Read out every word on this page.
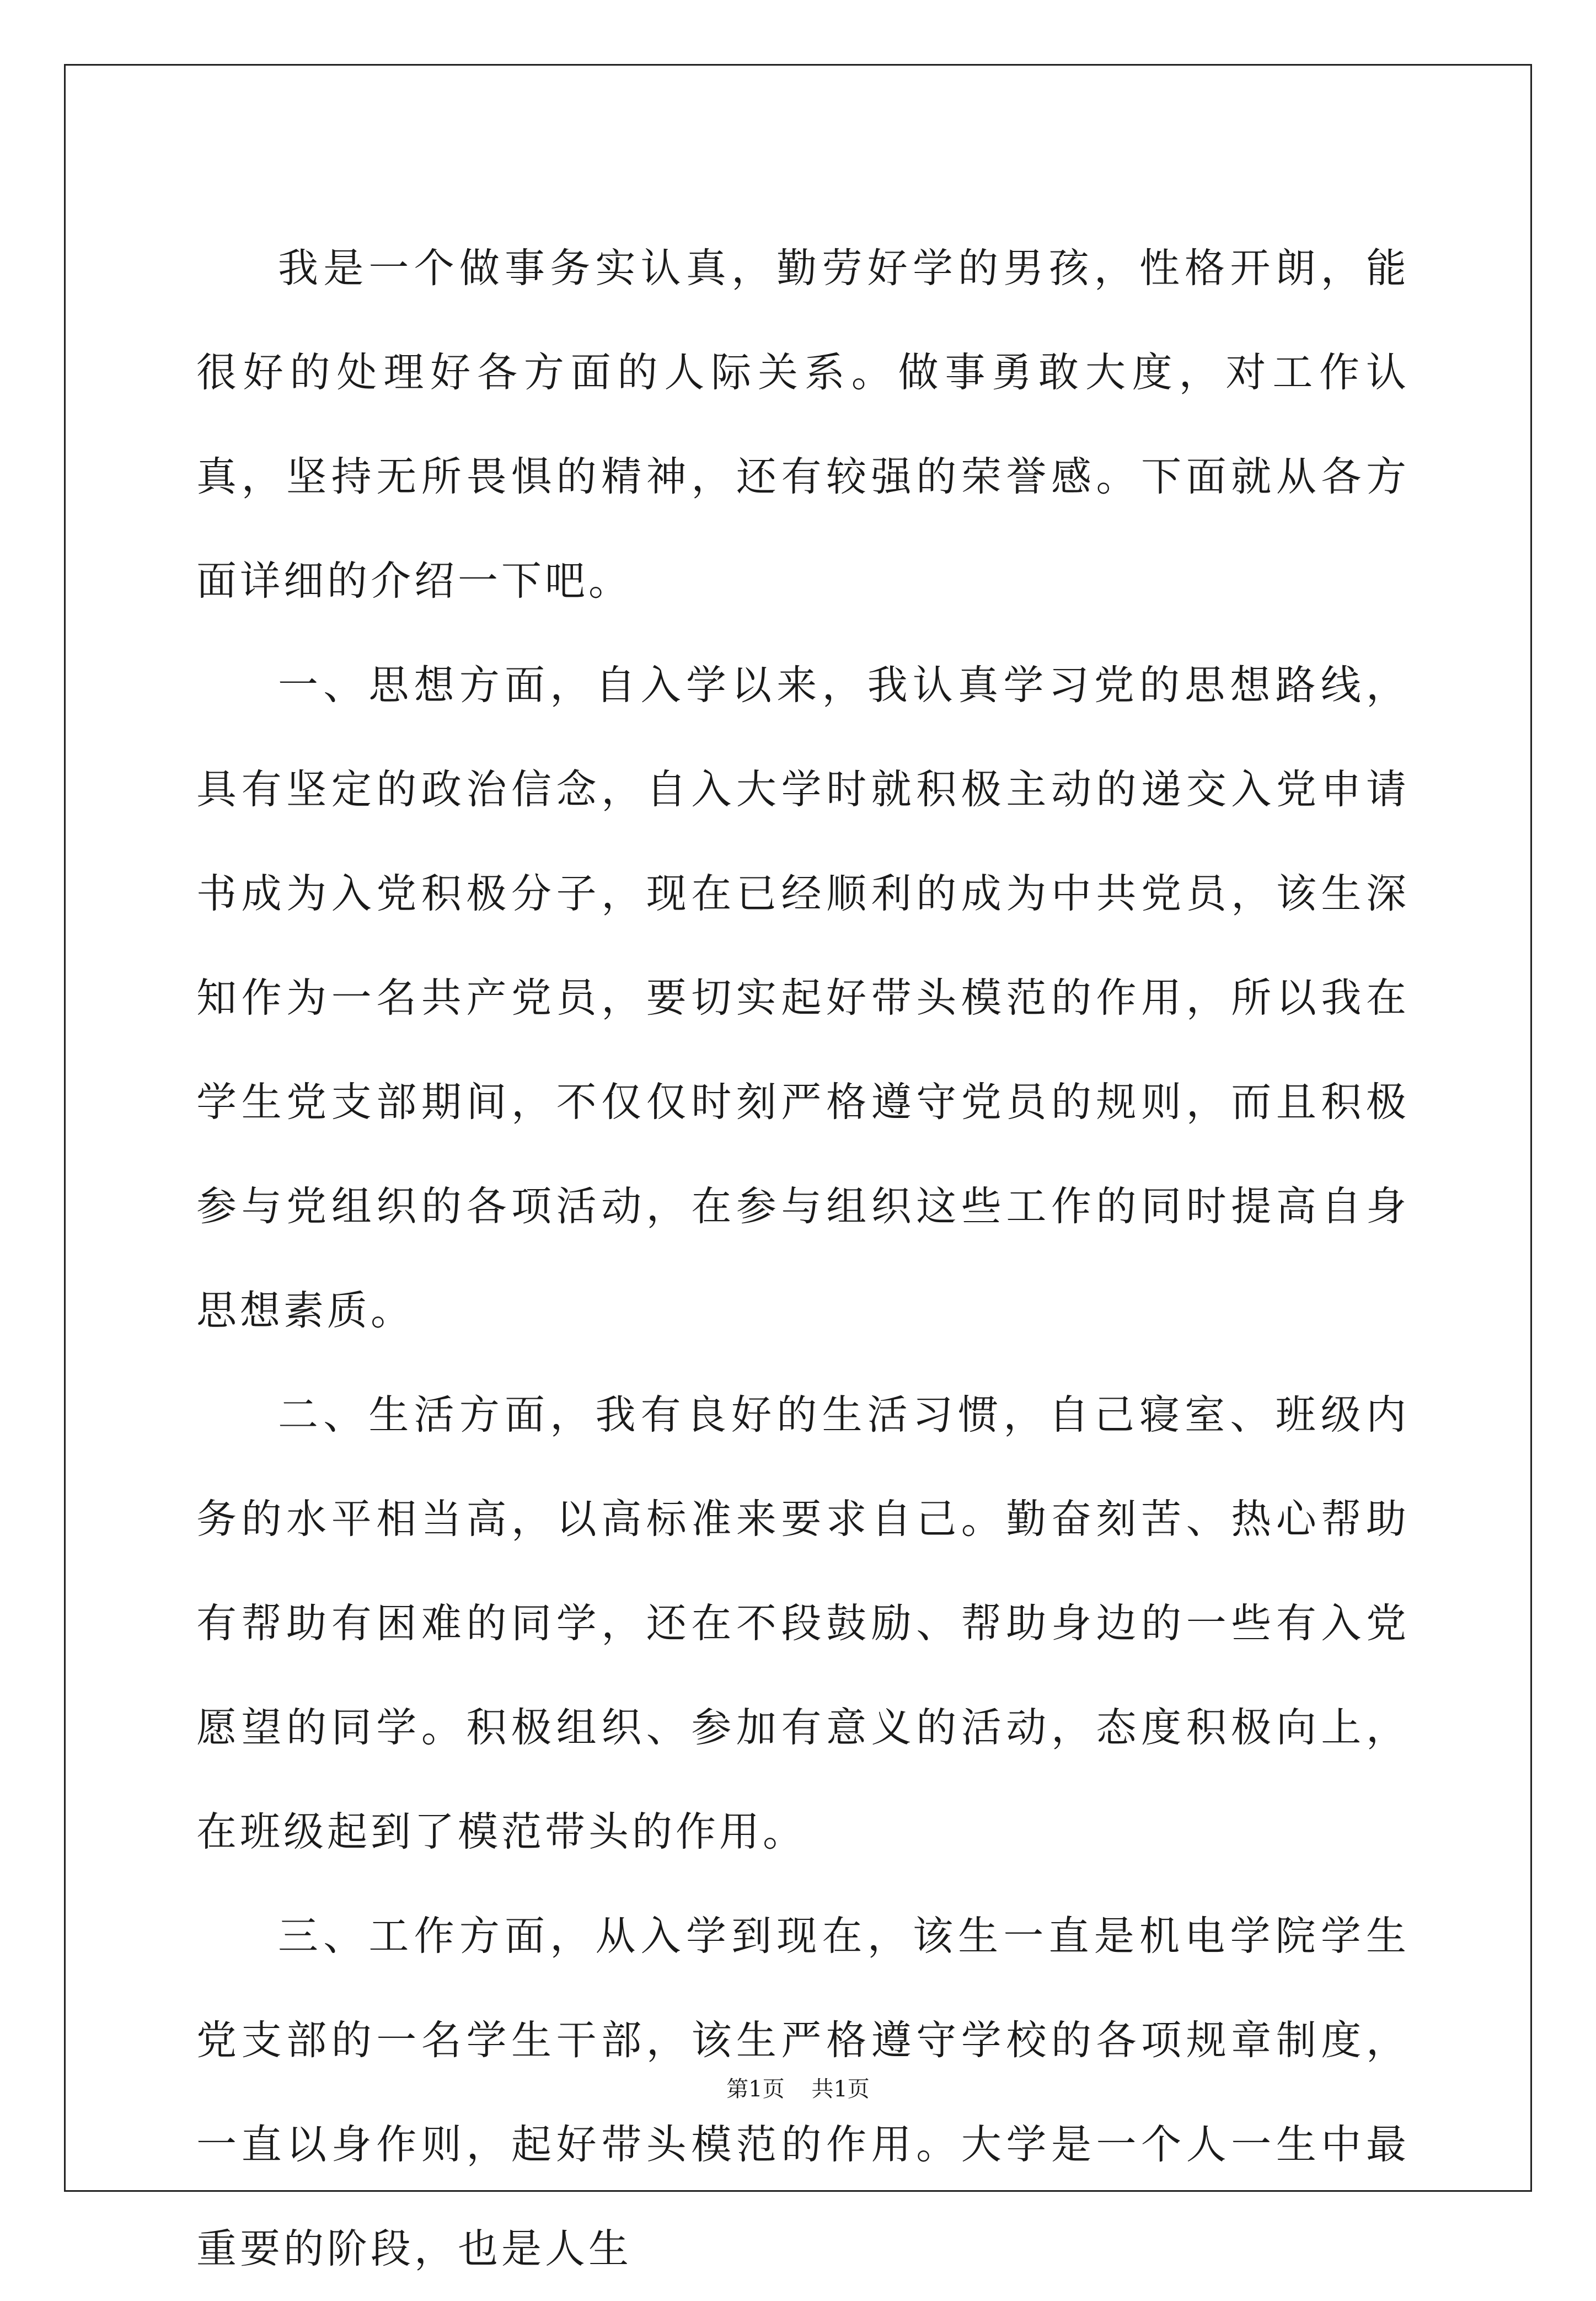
我是一个做事务实认真，勤劳好学的男孩，性格开朗，能很好的处理好各方面的人际关系。做事勇敢大度，对工作认真，坚持无所畏惧的精神，还有较强的荣誉感。下面就从各方面详细的介绍一下吧。

一、思想方面，自入学以来，我认真学习党的思想路线，具有坚定的政治信念，自入大学时就积极主动的递交入党申请书成为入党积极分子，现在已经顺利的成为中共党员，该生深知作为一名共产党员，要切实起好带头模范的作用，所以我在学生党支部期间，不仅仅时刻严格遵守党员的规则，而且积极参与党组织的各项活动，在参与组织这些工作的同时提高自身思想素质。

二、生活方面，我有良好的生活习惯，自己寝室、班级内务的水平相当高，以高标准来要求自己。勤奋刻苦、热心帮助有帮助有困难的同学，还在不段鼓励、帮助身边的一些有入党愿望的同学。积极组织、参加有意义的活动，态度积极向上，在班级起到了模范带头的作用。

三、工作方面，从入学到现在，该生一直是机电学院学生党支部的一名学生干部，该生严格遵守学校的各项规章制度，一直以身作则，起好带头模范的作用。大学是一个人一生中最重要的阶段，也是人生

第1页 共1页
